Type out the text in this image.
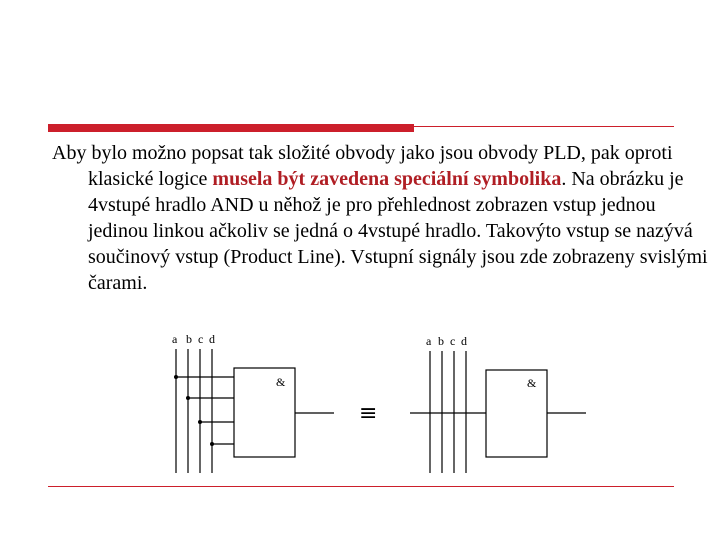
Aby bylo možno popsat tak složité obvody jako jsou obvody PLD, pak oproti klasické logice musela být zavedena speciální symbolika. Na obrázku je 4vstupé hradlo AND u něhož je pro přehlednost zobrazen vstup jednou jedinou linkou ačkoliv se jedná o 4vstupé hradlo. Takovýto vstup se nazývá součinový vstup (Product Line). Vstupní signály jsou zde zobrazeny svislými čarami.
a b c d
&
≡
a b c d
&
